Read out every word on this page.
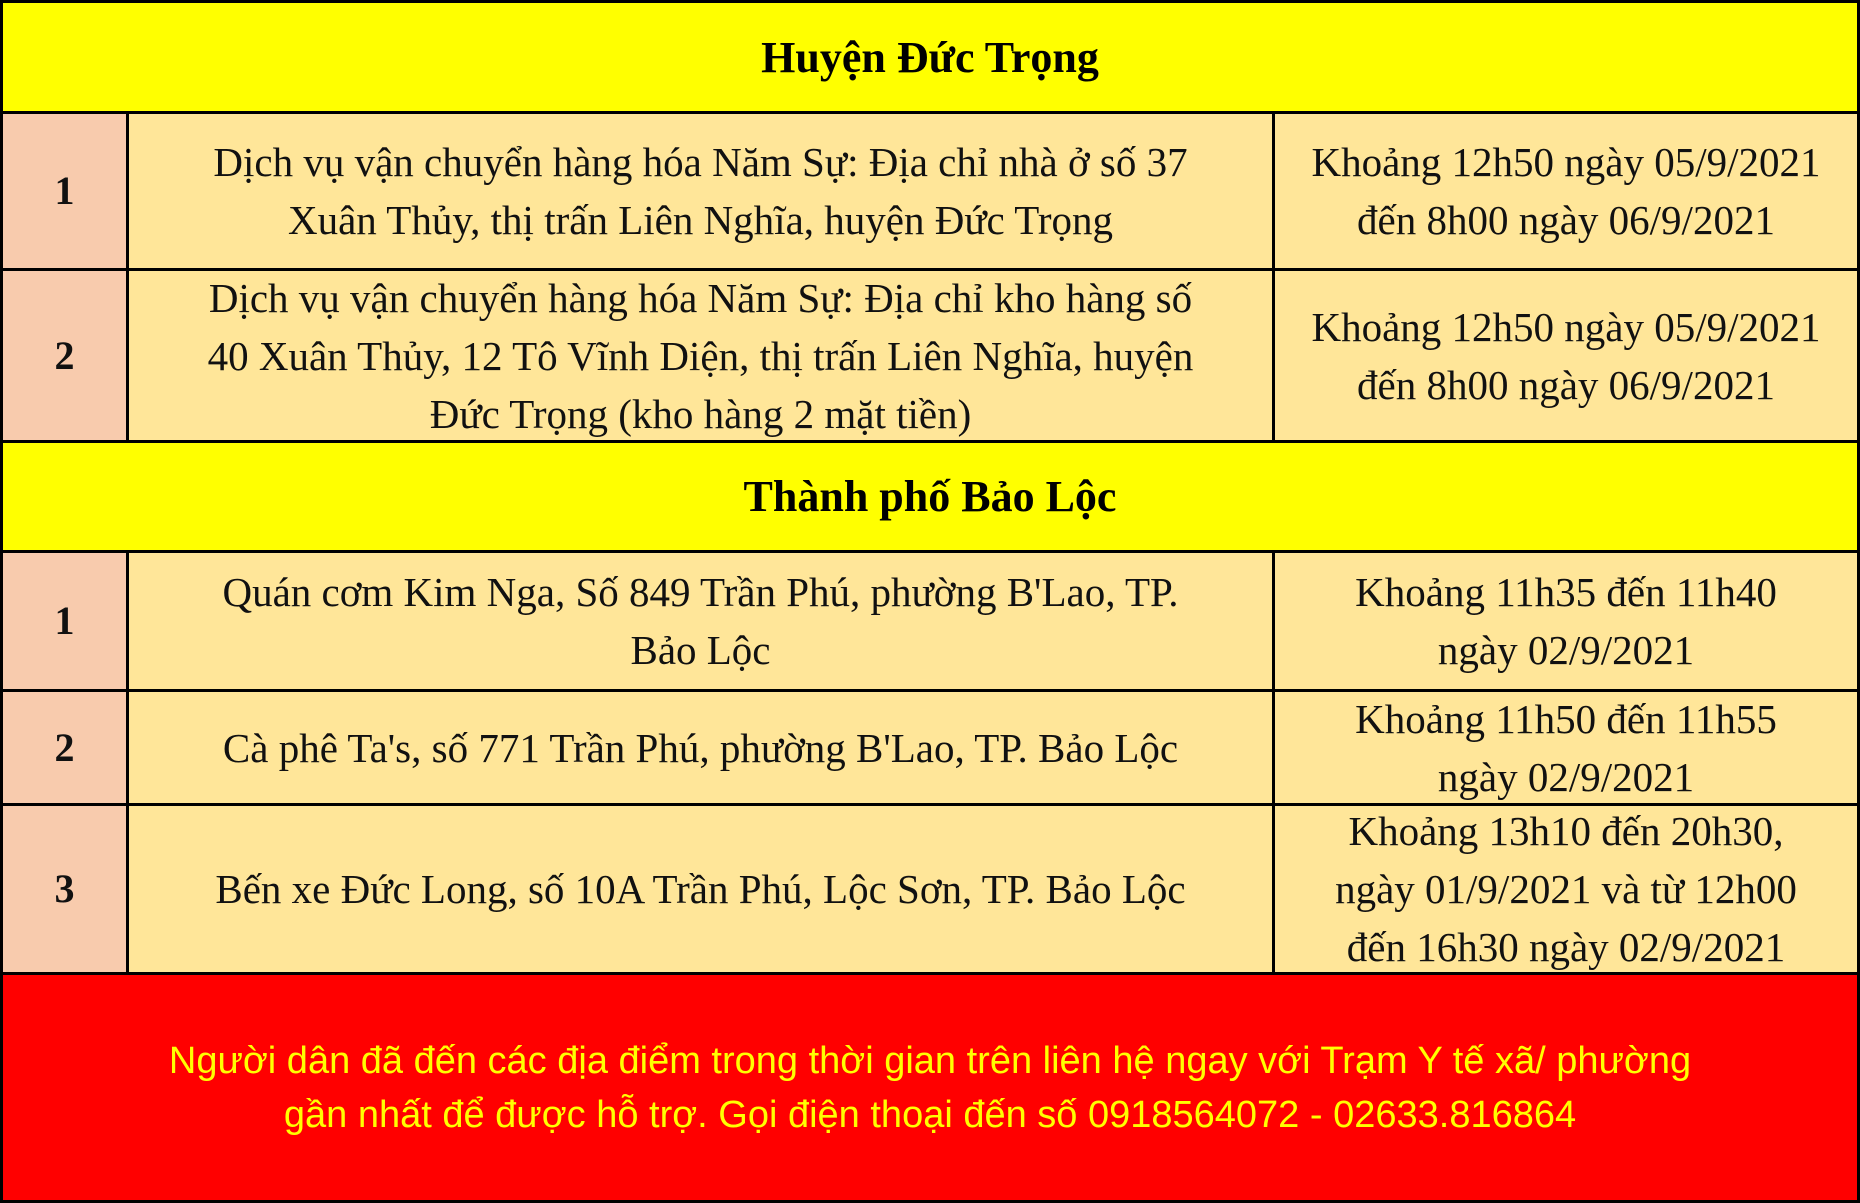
Huyện Đức Trọng
1
Dịch vụ vận chuyển hàng hóa Năm Sự: Địa chỉ nhà ở số 37
Xuân Thủy, thị trấn Liên Nghĩa, huyện Đức Trọng
Khoảng 12h50 ngày 05/9/2021
đến 8h00 ngày 06/9/2021
2
Dịch vụ vận chuyển hàng hóa Năm Sự: Địa chỉ kho hàng số
40 Xuân Thủy, 12 Tô Vĩnh Diện, thị trấn Liên Nghĩa, huyện
Đức Trọng (kho hàng 2 mặt tiền)
Khoảng 12h50 ngày 05/9/2021
đến 8h00 ngày 06/9/2021
Thành phố Bảo Lộc
1
Quán cơm Kim Nga, Số 849 Trần Phú, phường B'Lao, TP.
Bảo Lộc
Khoảng 11h35 đến 11h40
ngày 02/9/2021
2	Cà phê Ta's, số 771 Trần Phú, phường B'Lao, TP. Bảo Lộc
Khoảng 11h50 đến 11h55
ngày 02/9/2021
3	Bến xe Đức Long, số 10A Trần Phú, Lộc Sơn, TP. Bảo Lộc
Khoảng 13h10 đến 20h30,
ngày 01/9/2021 và từ 12h00
đến 16h30 ngày 02/9/2021
Người dân đã đến các địa điểm trong thời gian trên liên hệ ngay với Trạm Y tế xã/ phường
gần nhất để được hỗ trợ. Gọi điện thoại đến số 0918564072 - 02633.816864
